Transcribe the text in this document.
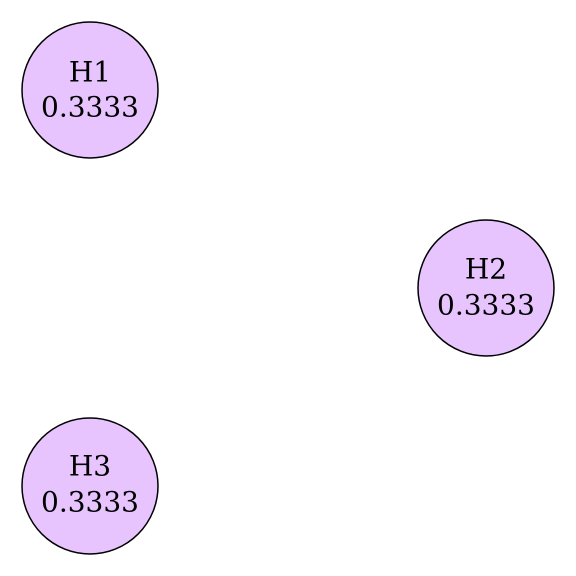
H1
0.3333
H2
0.3333
H3
0.3333
